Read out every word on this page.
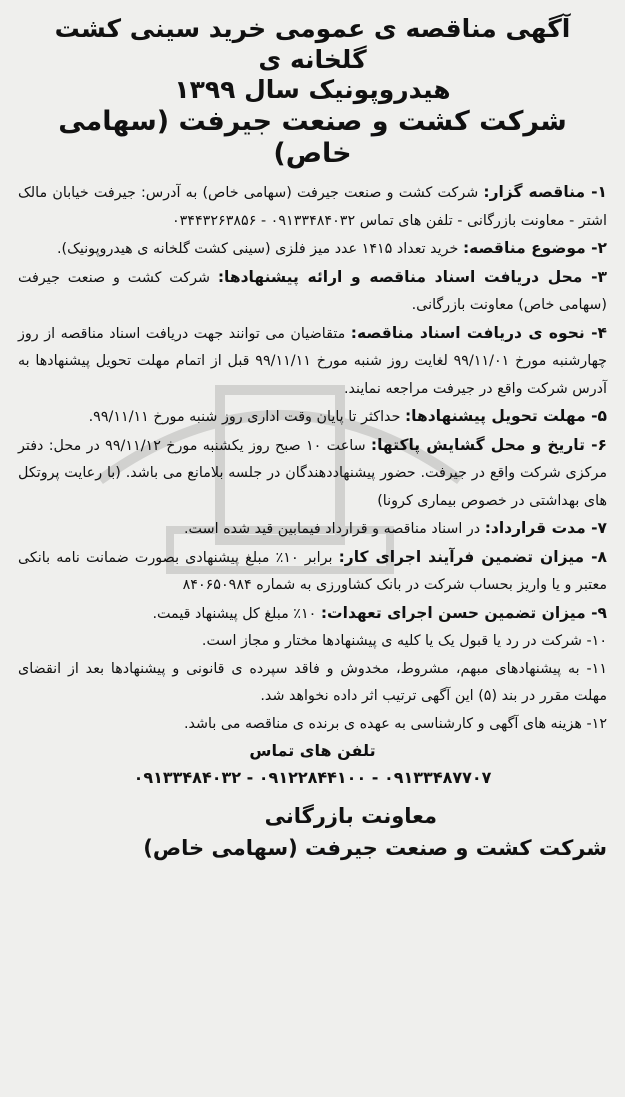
آگهی مناقصه ی عمومی خرید سینی کشت گلخانه ی
هیدروپونیک سال ۱۳۹۹
شرکت کشت و صنعت جیرفت (سهامی خاص)

۱- مناقصه گزار: شرکت کشت و صنعت جیرفت (سهامی خاص) به آدرس: جیرفت خیابان مالک اشتر - معاونت بازرگانی - تلفن های تماس ۰۹۱۳۳۴۸۴۰۳۲ - ۰۳۴۴۳۲۶۳۸۵۶

۲- موضوع مناقصه: خرید تعداد ۱۴۱۵ عدد میز فلزی (سینی کشت گلخانه ی هیدروپونیک).

۳- محل دریافت اسناد مناقصه و ارائه پیشنهادها: شرکت کشت و صنعت جیرفت (سهامی خاص) معاونت بازرگانی.

۴- نحوه ی دریافت اسناد مناقصه: متقاضیان می توانند جهت دریافت اسناد مناقصه از روز چهارشنبه مورخ ۹۹/۱۱/۰۱ لغایت روز شنبه مورخ ۹۹/۱۱/۱۱ قبل از اتمام مهلت تحویل پیشنهادها به آدرس شرکت واقع در جیرفت مراجعه نمایند.

۵- مهلت تحویل پیشنهادها: حداکثر تا پایان وقت اداری روز شنبه مورخ ۹۹/۱۱/۱۱.

۶- تاریخ و محل گشایش پاکتها: ساعت ۱۰ صبح روز یکشنبه مورخ ۹۹/۱۱/۱۲ در محل: دفتر مرکزی شرکت واقع در جیرفت. حضور پیشنهاددهندگان در جلسه بلامانع می باشد. (با رعایت پروتکل های بهداشتی در خصوص بیماری کرونا)

۷- مدت قرارداد: در اسناد مناقصه و قرارداد فیمابین قید شده است.

۸- میزان تضمین فرآیند اجرای کار: برابر ۱۰٪ مبلغ پیشنهادی بصورت ضمانت نامه بانکی معتبر و یا واریز بحساب شرکت در بانک کشاورزی به شماره ۸۴۰۶۵۰۹۸۴

۹- میزان تضمین حسن اجرای تعهدات: ۱۰٪ مبلغ کل پیشنهاد قیمت.

۱۰- شرکت در رد یا قبول یک یا کلیه ی پیشنهادها مختار و مجاز است.

۱۱- به پیشنهادهای مبهم، مشروط، مخدوش و فاقد سپرده ی قانونی و پیشنهادها بعد از انقضای مهلت مقرر در بند (۵) این آگهی ترتیب اثر داده نخواهد شد.

۱۲- هزینه های آگهی و کارشناسی به عهده ی برنده ی مناقصه می باشد.

تلفن های تماس
۰۹۱۳۳۴۸۴۰۳۲ - ۰۹۱۲۲۸۴۴۱۰۰ - ۰۹۱۳۳۴۸۷۷۰۷
معاونت بازرگانی
شرکت کشت و صنعت جیرفت (سهامی خاص)
